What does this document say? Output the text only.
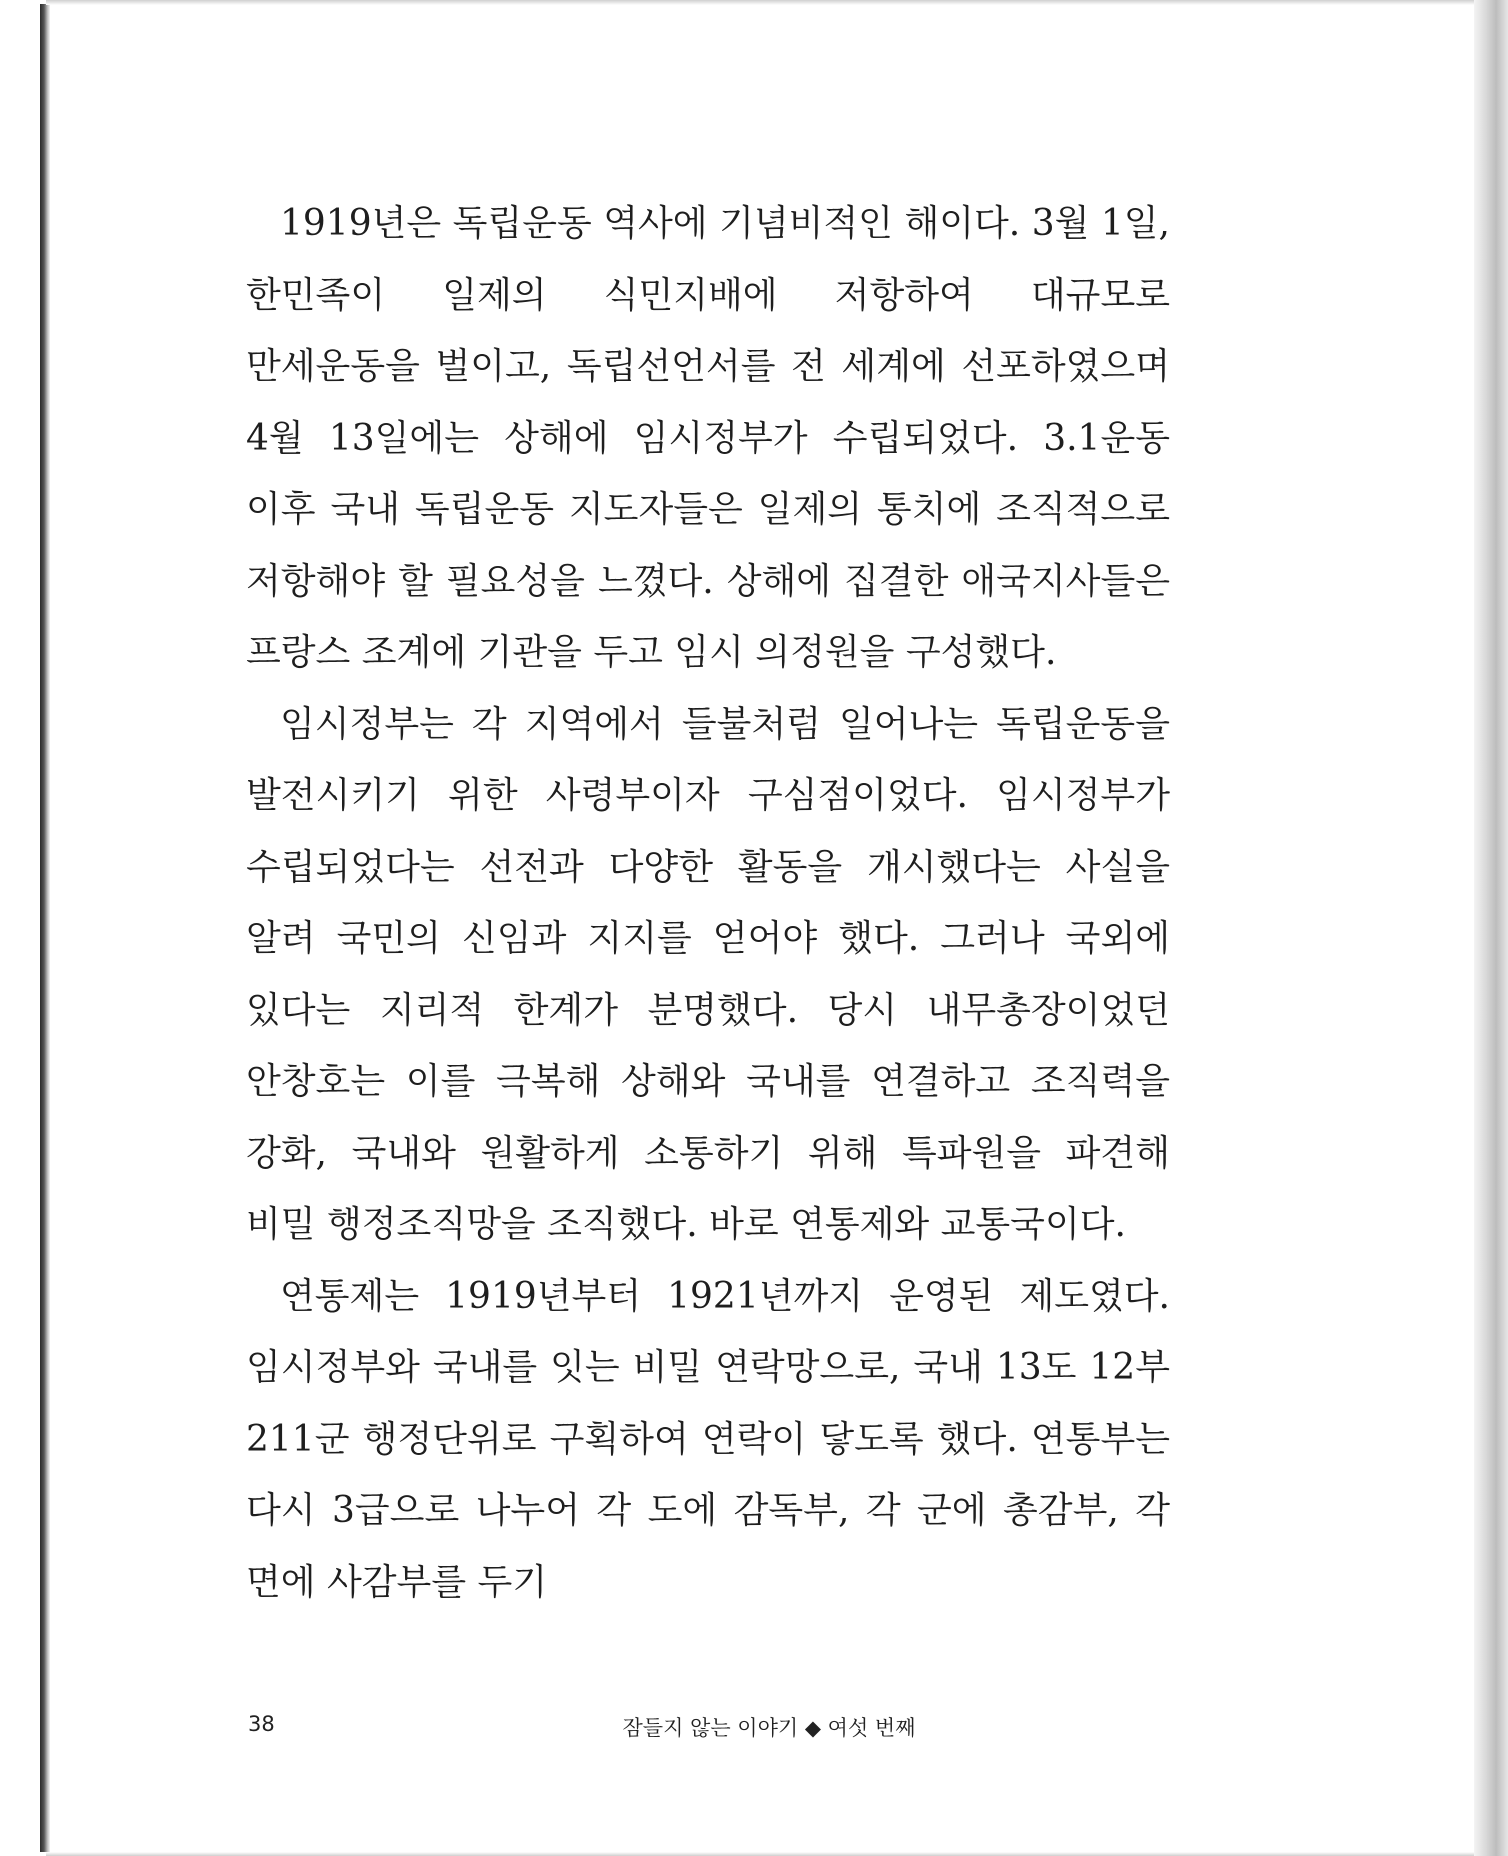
1919년은 독립운동 역사에 기념비적인 해이다. 3월 1일, 한민족이 일제의 식민지배에 저항하여 대규모로 만세운동을 벌이고, 독립선언서를 전 세계에 선포하였으며 4월 13일에는 상해에 임시정부가 수립되었다. 3.1운동 이후 국내 독립운동 지도자들은 일제의 통치에 조직적으로 저항해야 할 필요성을 느꼈다. 상해에 집결한 애국지사들은 프랑스 조계에 기관을 두고 임시 의정원을 구성했다.

임시정부는 각 지역에서 들불처럼 일어나는 독립운동을 발전시키기 위한 사령부이자 구심점이었다. 임시정부가 수립되었다는 선전과 다양한 활동을 개시했다는 사실을 알려 국민의 신임과 지지를 얻어야 했다. 그러나 국외에 있다는 지리적 한계가 분명했다. 당시 내무총장이었던 안창호는 이를 극복해 상해와 국내를 연결하고 조직력을 강화, 국내와 원활하게 소통하기 위해 특파원을 파견해 비밀 행정조직망을 조직했다. 바로 연통제와 교통국이다.

연통제는 1919년부터 1921년까지 운영된 제도였다. 임시정부와 국내를 잇는 비밀 연락망으로, 국내 13도 12부 211군 행정단위로 구획하여 연락이 닿도록 했다. 연통부는 다시 3급으로 나누어 각 도에 감독부, 각 군에 총감부, 각 면에 사감부를 두기

38	잠들지 않는 이야기 ◆ 여섯 번째
